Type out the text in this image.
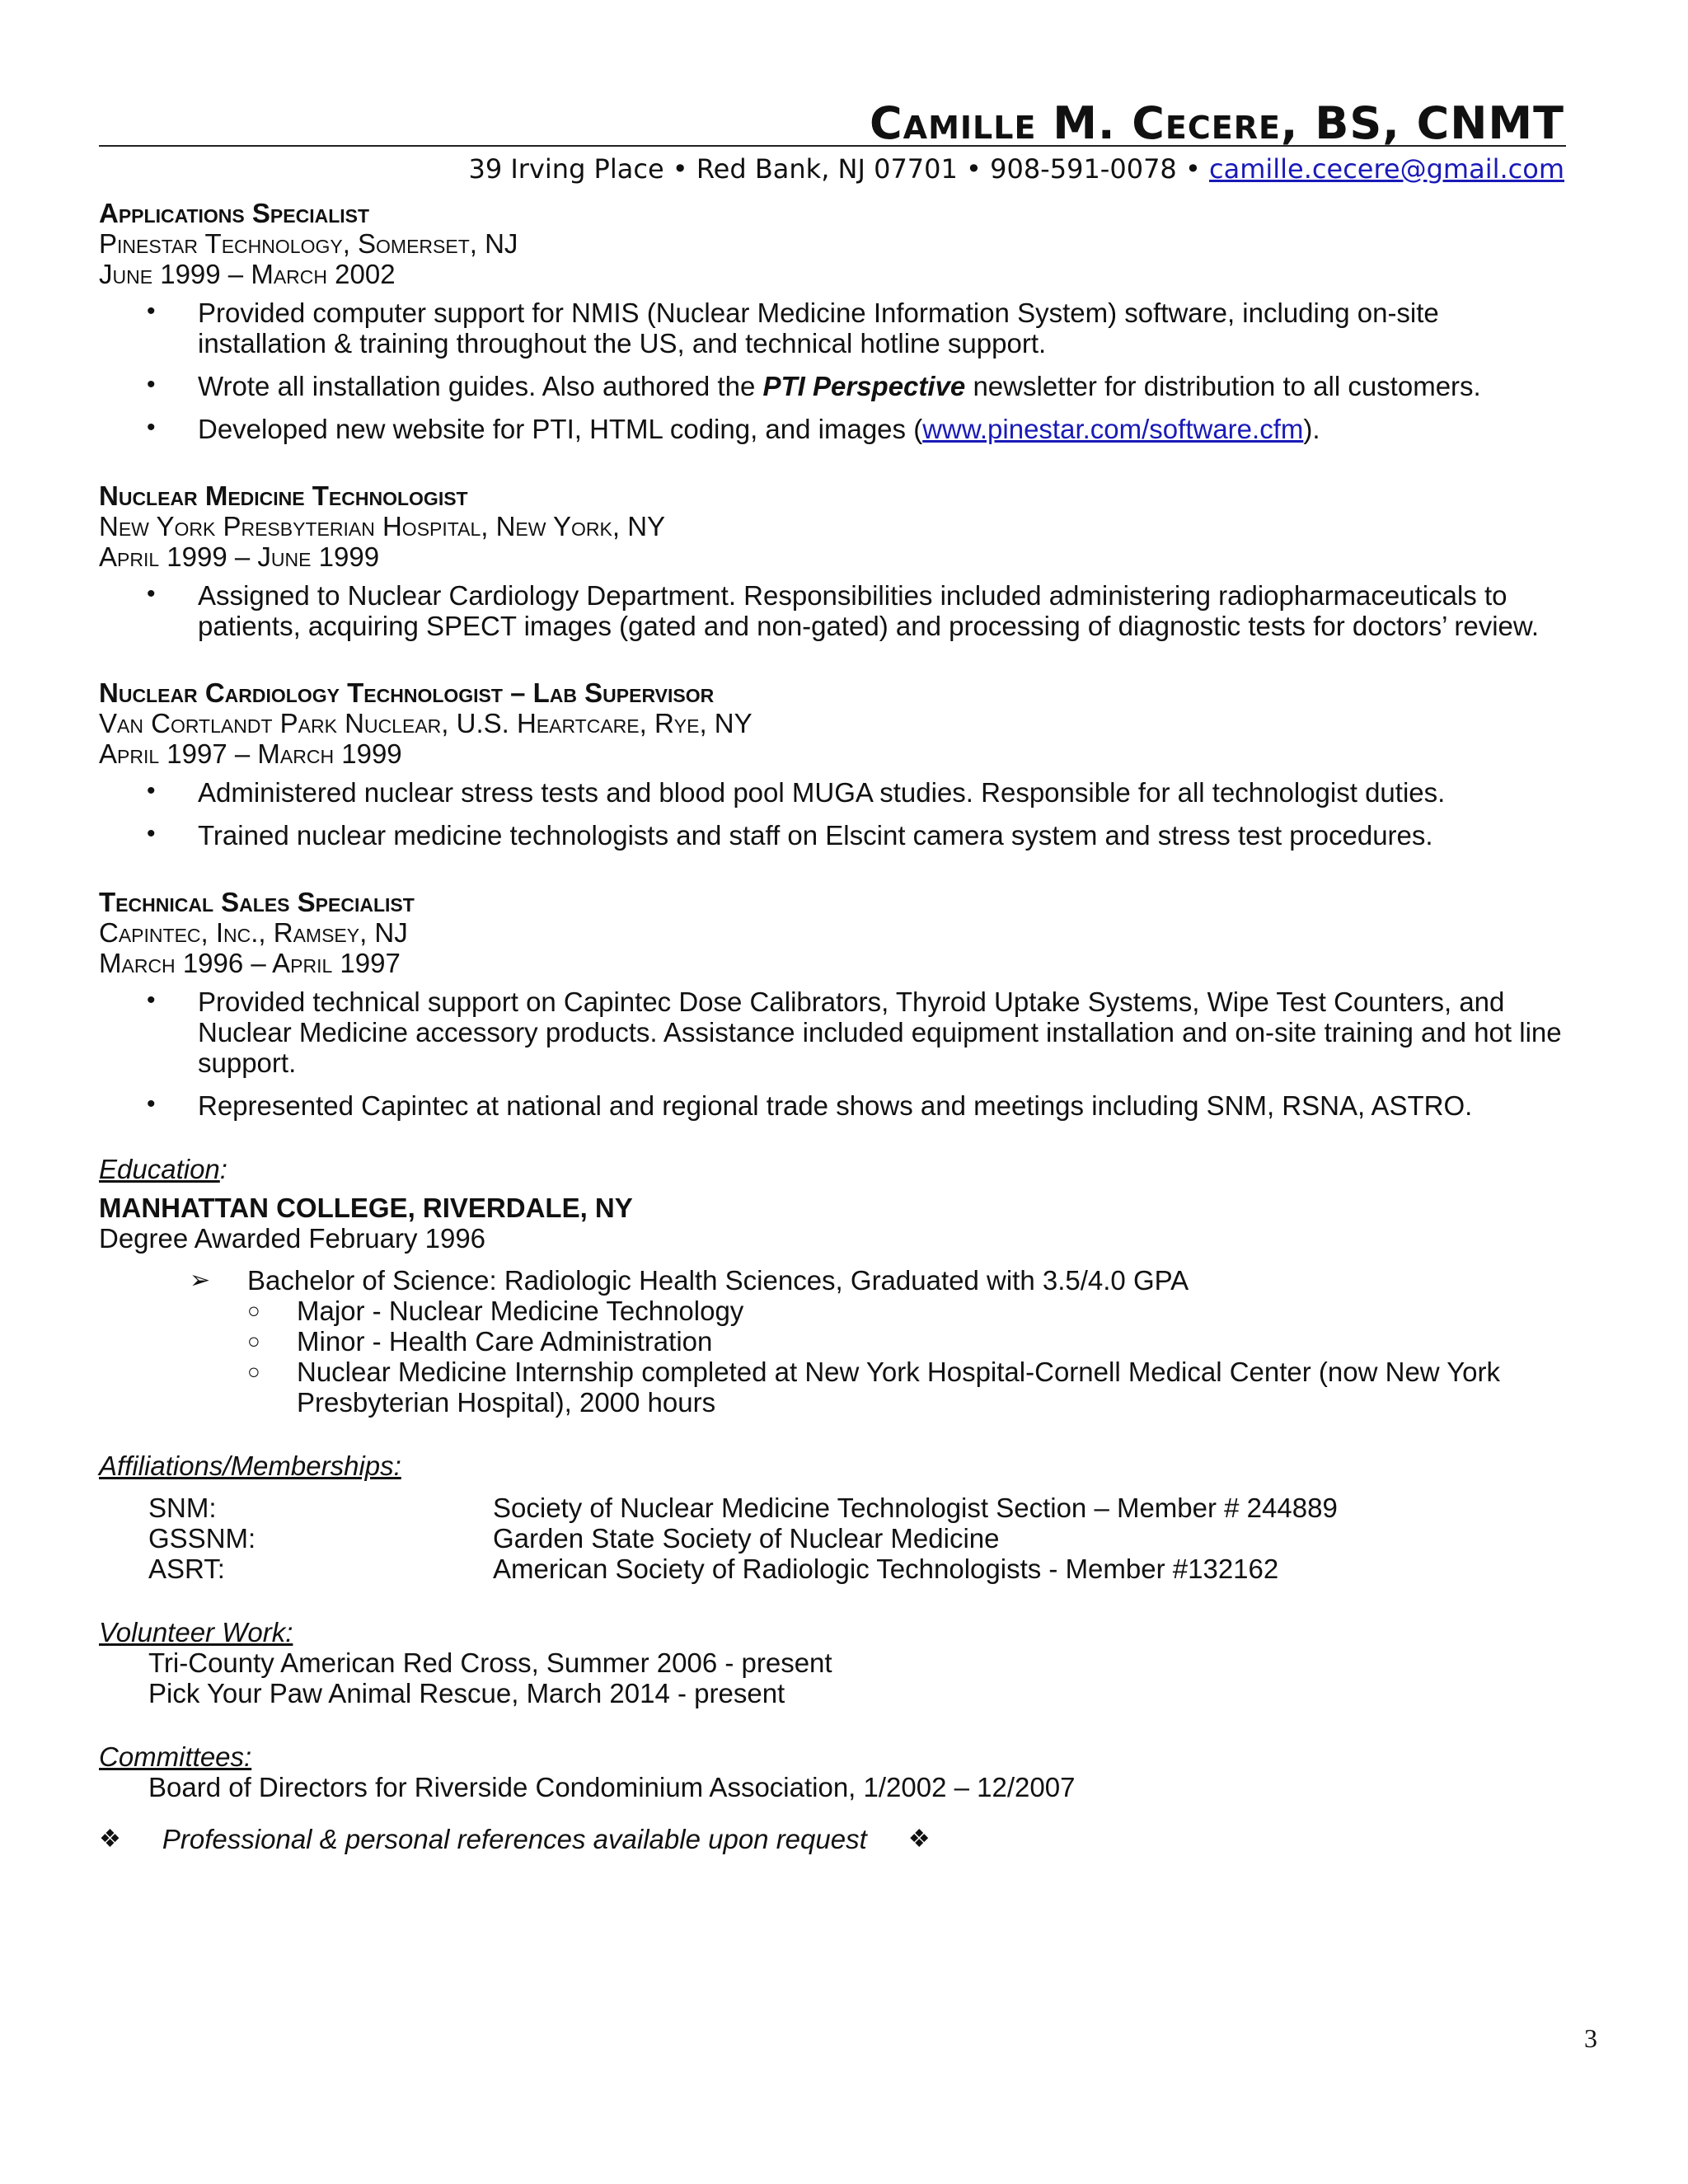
Camille M. Cecere, BS, CNMT
39 Irving Place • Red Bank, NJ 07701 • 908-591-0078 • camille.cecere@gmail.com
Applications Specialist
Pinestar Technology, Somerset, NJ
June 1999 – March 2002
• Provided computer support for NMIS (Nuclear Medicine Information System) software, including on-site installation & training throughout the US, and technical hotline support.
• Wrote all installation guides. Also authored the PTI Perspective newsletter for distribution to all customers.
• Developed new website for PTI, HTML coding, and images (www.pinestar.com/software.cfm).
Nuclear Medicine Technologist
New York Presbyterian Hospital, New York, NY
April 1999 – June 1999
• Assigned to Nuclear Cardiology Department. Responsibilities included administering radiopharmaceuticals to patients, acquiring SPECT images (gated and non-gated) and processing of diagnostic tests for doctors’ review.
Nuclear Cardiology Technologist – Lab Supervisor
Van Cortlandt Park Nuclear, U.S. Heartcare, Rye, NY
April 1997 – March 1999
• Administered nuclear stress tests and blood pool MUGA studies. Responsible for all technologist duties.
• Trained nuclear medicine technologists and staff on Elscint camera system and stress test procedures.
Technical Sales Specialist
Capintec, Inc., Ramsey, NJ
March 1996 – April 1997
• Provided technical support on Capintec Dose Calibrators, Thyroid Uptake Systems, Wipe Test Counters, and Nuclear Medicine accessory products. Assistance included equipment installation and on-site training and hot line support.
• Represented Capintec at national and regional trade shows and meetings including SNM, RSNA, ASTRO.
Education:
MANHATTAN COLLEGE, RIVERDALE, NY
Degree Awarded February 1996
➢ Bachelor of Science: Radiologic Health Sciences, Graduated with 3.5/4.0 GPA
○ Major - Nuclear Medicine Technology
○ Minor - Health Care Administration
○ Nuclear Medicine Internship completed at New York Hospital-Cornell Medical Center (now New York Presbyterian Hospital), 2000 hours
Affiliations/Memberships:
SNM:	Society of Nuclear Medicine Technologist Section – Member # 244889
GSSNM:	Garden State Society of Nuclear Medicine
ASRT:	American Society of Radiologic Technologists - Member #132162
Volunteer Work:
Tri-County American Red Cross, Summer 2006 - present
Pick Your Paw Animal Rescue, March 2014 - present
Committees:
Board of Directors for Riverside Condominium Association, 1/2002 – 12/2007
❖ Professional & personal references available upon request ❖
3
